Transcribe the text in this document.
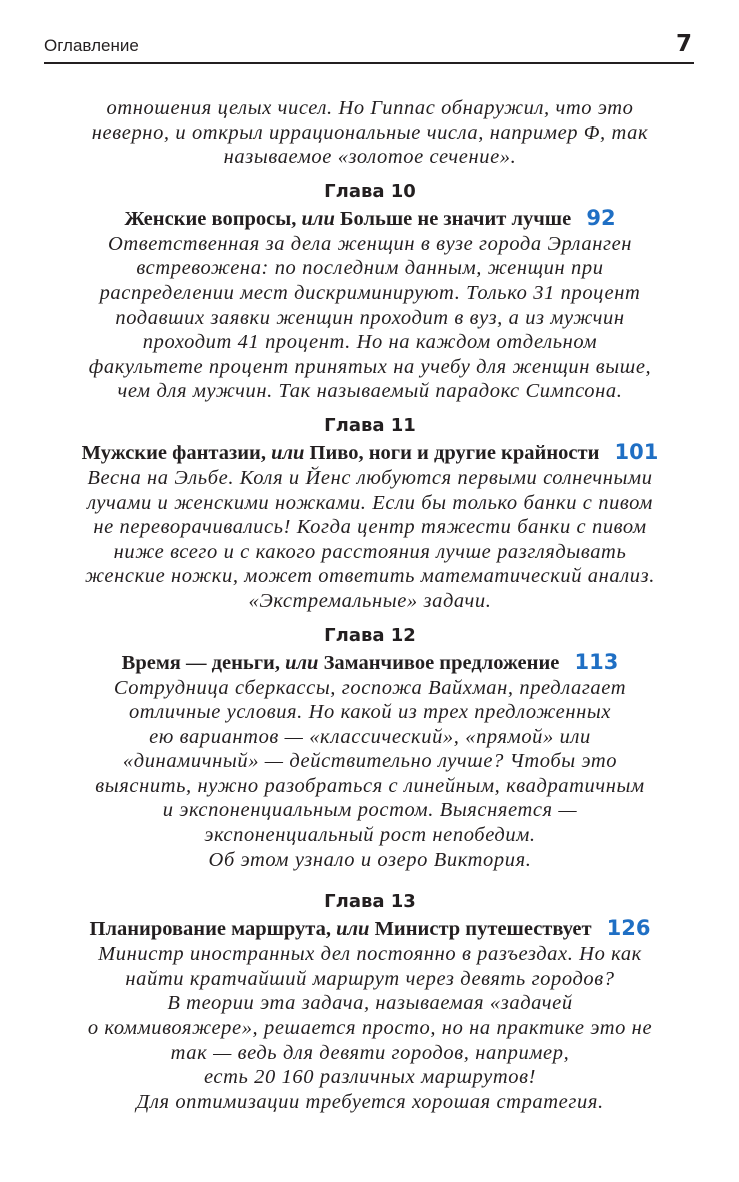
Оглавление	7
отношения целых чисел. Но Гиппас обнаружил, что это
неверно, и открыл иррациональные числа, например Φ, так
называемое «золотое сечение».
Глава 10
Женские вопросы, или Больше не значит лучше 92
Ответственная за дела женщин в вузе города Эрланген
встревожена: по последним данным, женщин при
распределении мест дискриминируют. Только 31 процент
подавших заявки женщин проходит в вуз, а из мужчин
проходит 41 процент. Но на каждом отдельном
факультете процент принятых на учебу для женщин выше,
чем для мужчин. Так называемый парадокс Симпсона.
Глава 11
Мужские фантазии, или Пиво, ноги и другие крайности 101
Весна на Эльбе. Коля и Йенс любуются первыми солнечными
лучами и женскими ножками. Если бы только банки с пивом
не переворачивались! Когда центр тяжести банки с пивом
ниже всего и с какого расстояния лучше разглядывать
женские ножки, может ответить математический анализ.
«Экстремальные» задачи.
Глава 12
Время — деньги, или Заманчивое предложение 113
Сотрудница сберкассы, госпожа Вайхман, предлагает
отличные условия. Но какой из трех предложенных
ею вариантов — «классический», «прямой» или
«динамичный» — действительно лучше? Чтобы это
выяснить, нужно разобраться с линейным, квадратичным
и экспоненциальным ростом. Выясняется —
экспоненциальный рост непобедим.
Об этом узнало и озеро Виктория.
Глава 13
Планирование маршрута, или Министр путешествует 126
Министр иностранных дел постоянно в разъездах. Но как
найти кратчайший маршрут через девять городов?
В теории эта задача, называемая «задачей
о коммивояжере», решается просто, но на практике это не
так — ведь для девяти городов, например,
есть 20 160 различных маршрутов!
Для оптимизации требуется хорошая стратегия.
